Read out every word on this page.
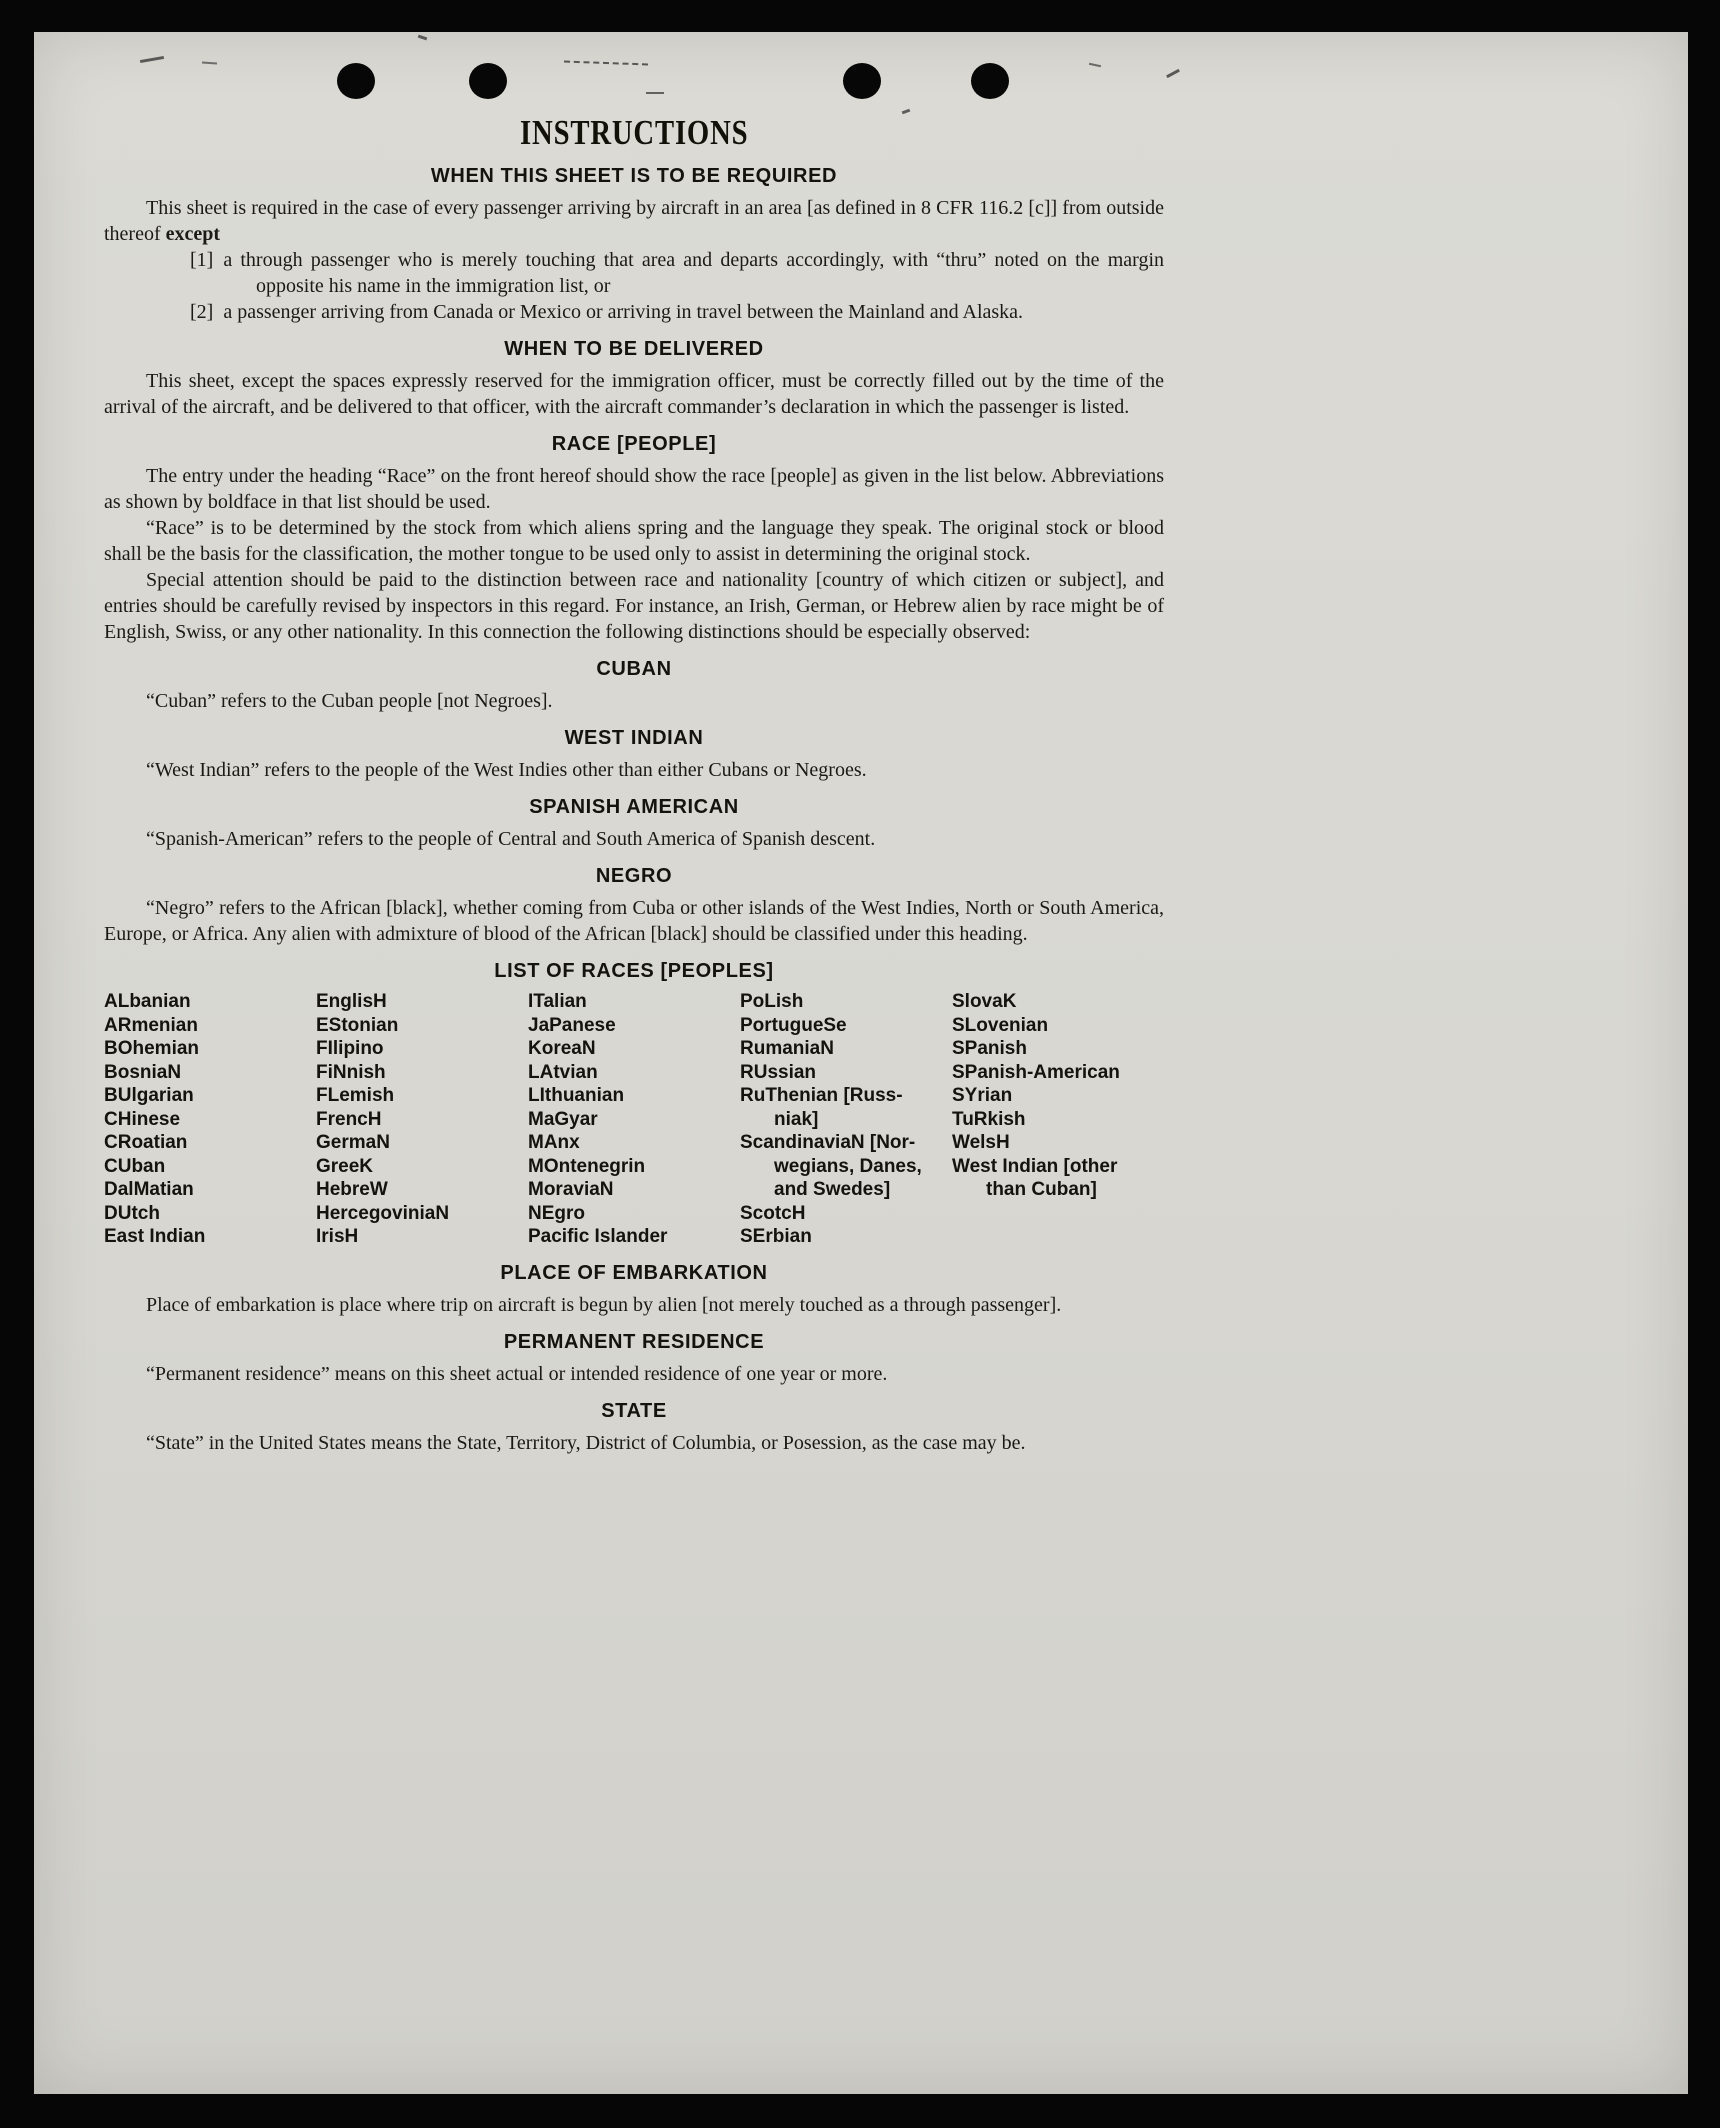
INSTRUCTIONS
WHEN THIS SHEET IS TO BE REQUIRED

This sheet is required in the case of every passenger arriving by aircraft in an area [as defined in 8 CFR 116.2 [c]] from outside thereof except

[1] a through passenger who is merely touching that area and departs accordingly, with “thru” noted on the margin opposite his name in the immigration list, or

[2] a passenger arriving from Canada or Mexico or arriving in travel between the Mainland and Alaska.

WHEN TO BE DELIVERED

This sheet, except the spaces expressly reserved for the immigration officer, must be correctly filled out by the time of the arrival of the aircraft, and be delivered to that officer, with the aircraft commander’s declaration in which the passenger is listed.

RACE [PEOPLE]

The entry under the heading “Race” on the front hereof should show the race [people] as given in the list below. Abbreviations as shown by boldface in that list should be used.

“Race” is to be determined by the stock from which aliens spring and the language they speak. The original stock or blood shall be the basis for the classification, the mother tongue to be used only to assist in determining the original stock.

Special attention should be paid to the distinction between race and nationality [country of which citizen or subject], and entries should be carefully revised by inspectors in this regard. For instance, an Irish, German, or Hebrew alien by race might be of English, Swiss, or any other nationality. In this connection the following distinctions should be especially observed:

CUBAN

“Cuban” refers to the Cuban people [not Negroes].

WEST INDIAN

“West Indian” refers to the people of the West Indies other than either Cubans or Negroes.

SPANISH AMERICAN

“Spanish-American” refers to the people of Central and South America of Spanish descent.

NEGRO

“Negro” refers to the African [black], whether coming from Cuba or other islands of the West Indies, North or South America, Europe, or Africa. Any alien with admixture of blood of the African [black] should be classified under this heading.

LIST OF RACES [PEOPLES]
ALbanian
ARmenian
BOhemian
BosniaN
BUlgarian
CHinese
CRoatian
CUban
DalMatian
DUtch
East Indian
EnglisH
EStonian
FIlipino
FiNnish
FLemish
FrencH
GermaN
GreeK
HebreW
HercegoviniaN
IrisH
ITalian
JaPanese
KoreaN
LAtvian
LIthuanian
MaGyar
MAnx
MOntenegrin
MoraviaN
NEgro
Pacific Islander
PoLish
PortugueSe
RumaniaN
RUssian
RuThenian [Russ-niak]
ScandinaviaN [Nor-wegians, Danes, and Swedes]
ScotcH
SErbian
SlovaK
SLovenian
SPanish
SPanish-American
SYrian
TuRkish
WelsH
West Indian [other than Cuban]
PLACE OF EMBARKATION

Place of embarkation is place where trip on aircraft is begun by alien [not merely touched as a through passenger].

PERMANENT RESIDENCE

“Permanent residence” means on this sheet actual or intended residence of one year or more.

STATE

“State” in the United States means the State, Territory, District of Columbia, or Posession, as the case may be.
